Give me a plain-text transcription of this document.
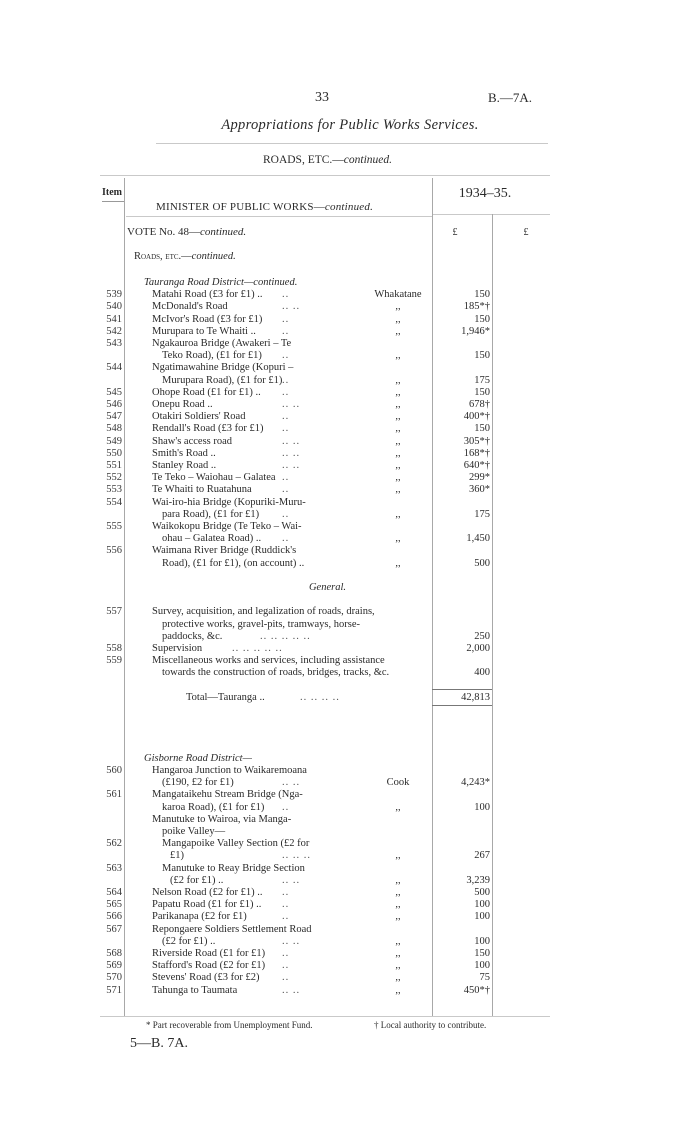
33	B.—7A.
Appropriations for Public Works Services.
ROADS, ETC.—continued.
Item	1934–35.
MINISTER OF PUBLIC WORKS—continued.
VOTE No. 48—continued.	£	£
Roads, etc.—continued.
Tauranga Road District—continued.
539	Matahi Road (£3 for £1) .. ..	Whakatane	150
540	McDonald's Road	.. ..	,,	185*†
541	McIvor's Road (£3 for £1) ..	,,	150
542	Murupara to Te Whaiti .. ..	,,	1,946*
543	Ngakauroa Bridge (Awakeri – Te
Teko Road), (£1 for £1) ..	,,	150
544	Ngatimawahine Bridge (Kopuri –
Murupara Road), (£1 for £1) ..	,,	175
545	Ohope Road (£1 for £1) .. ..	,,	150
546	Onepu Road ..	.. ..	,,	678†
547	Otakiri Soldiers' Road	..	,,	400*†
548	Rendall's Road (£3 for £1) ..	,,	150
549	Shaw's access road	.. ..	,,	305*†
550	Smith's Road ..	.. ..	,,	168*†
551	Stanley Road ..	.. ..	,,	640*†
552	Te Teko – Waiohau – Galatea ..	,,	299*
553	Te Whaiti to Ruatahuna	..	,,	360*
554	Wai-iro-hia Bridge (Kopuriki-Muru-
para Road), (£1 for £1) ..	,,	175
555	Waikokopu Bridge (Te Teko – Wai-
ohau – Galatea Road) .. ..	,,	1,450
556	Waimana River Bridge (Ruddick's
Road), (£1 for £1), (on account) ..	,,	500
General.
557	Survey, acquisition, and legalization of roads, drains,
protective works, gravel-pits, tramways, horse-
paddocks, &c.	.. .. .. .. ..	250
558	Supervision	.. .. .. .. ..	2,000
559	Miscellaneous works and services, including assistance
towards the construction of roads, bridges, tracks, &c.	400
Total—Tauranga ..	.. .. .. ..	42,813
Gisborne Road District—
560	Hangaroa Junction to Waikaremoana
(£190, £2 for £1)	.. ..	Cook	4,243*
561	Mangataikehu Stream Bridge (Nga-
karoa Road), (£1 for £1) ..	,,	100
Manutuke to Wairoa, via Manga-
poike Valley—
562	Mangapoike Valley Section (£2 for
£1)	.. .. ..	,,	267
563	Manutuke to Reay Bridge Section
(£2 for £1) ..	.. ..	,,	3,239
564	Nelson Road (£2 for £1) .. ..	,,	500
565	Papatu Road (£1 for £1) .. ..	,,	100
566	Parikanapa (£2 for £1)	..	,,	100
567	Repongaere Soldiers Settlement Road
(£2 for £1) ..	.. ..	,,	100
568	Riverside Road (£1 for £1) ..	,,	150
569	Stafford's Road (£2 for £1) ..	,,	100
570	Stevens' Road (£3 for £2) ..	,,	75
571	Tahunga to Taumata	.. ..	,,	450*†
* Part recoverable from Unemployment Fund.	† Local authority to contribute.
5—B. 7A.
